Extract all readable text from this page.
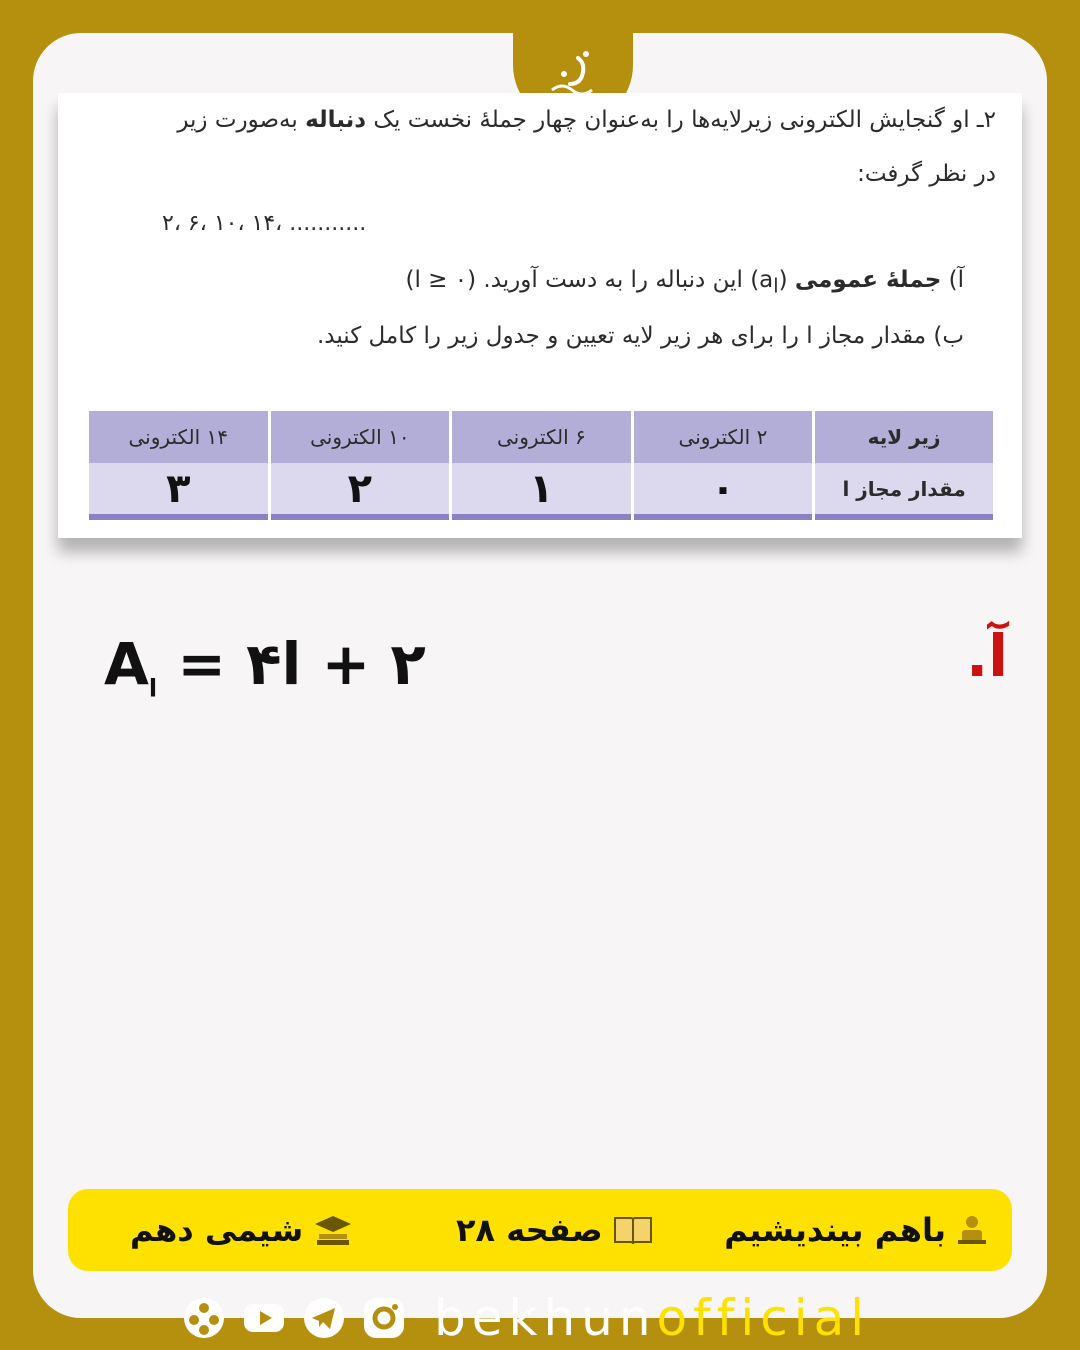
۲ـ او گنجایش الکترونی زیرلایه‌ها را به‌عنوان چهار جملهٔ نخست یک دنباله به‌صورت زیر
در نظر گرفت:
۲، ۶، ۱۰، ۱۴، ...........
آ) جملهٔ عمومی $(a_l)$ این دنباله را به دست آورید. (l ≥ ۰)
ب) مقدار مجاز l را برای هر زیر لایه تعیین و جدول زیر را کامل کنید.
زیر لایه	۲ الکترونی	۶ الکترونی	۱۰ الکترونی	۱۴ الکترونی
مقدار مجاز l	۰	۱	۲	۳
آ.
$A_l$ = ۴l + ۲
باهم بیندیشیم
صفحه ۲۸
شیمی دهم
bekhunofficial
